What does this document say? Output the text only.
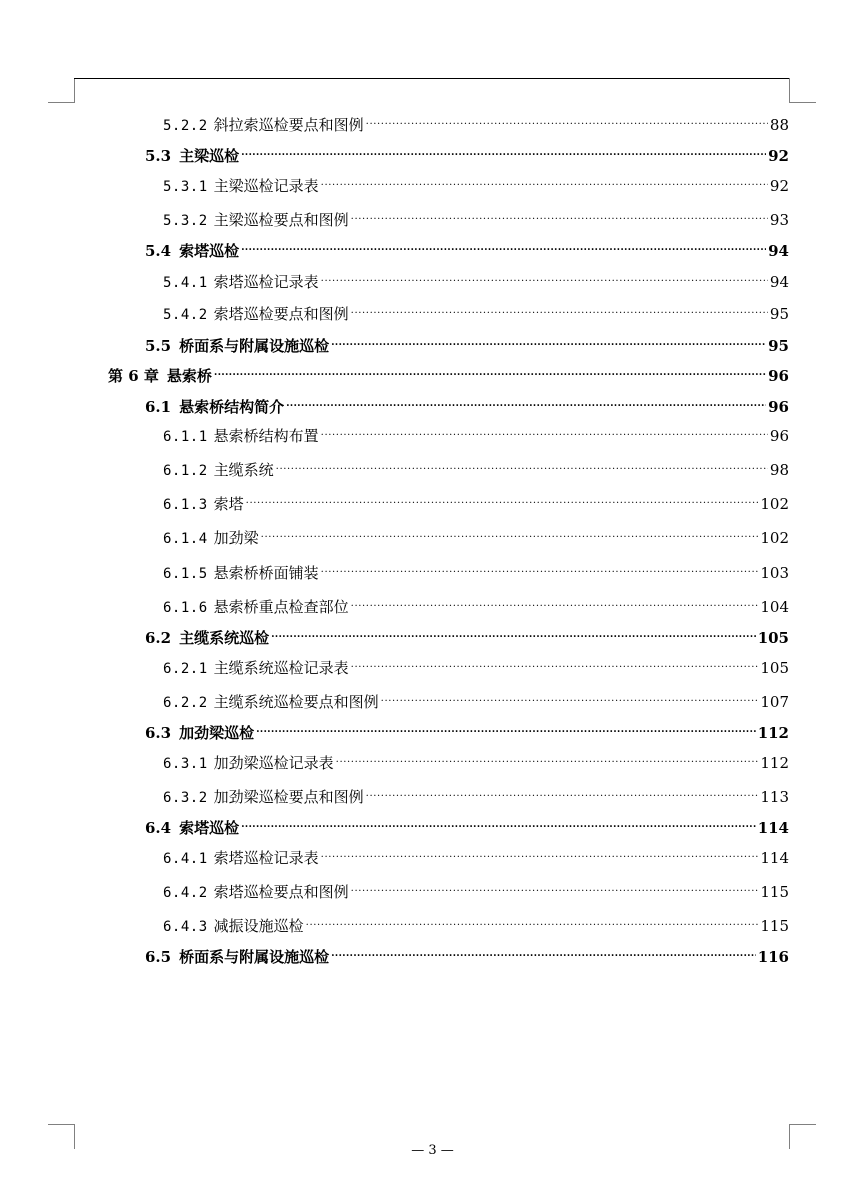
5.2.2 斜拉索巡检要点和图例 .....	88
5.3 主梁巡检 .....	92
5.3.1 主梁巡检记录表 .....	92
5.3.2 主梁巡检要点和图例 .....	93
5.4 索塔巡检 .....	94
5.4.1 索塔巡检记录表 .....	94
5.4.2 索塔巡检要点和图例 .....	95
5.5 桥面系与附属设施巡检 .....	95
第 6 章 悬索桥 .....	96
6.1 悬索桥结构简介 .....	96
6.1.1 悬索桥结构布置 .....	96
6.1.2 主缆系统 .....	98
6.1.3 索塔 .....	102
6.1.4 加劲梁 .....	102
6.1.5 悬索桥桥面铺装 .....	103
6.1.6 悬索桥重点检查部位 .....	104
6.2 主缆系统巡检 .....	105
6.2.1 主缆系统巡检记录表 .....	105
6.2.2 主缆系统巡检要点和图例 .....	107
6.3 加劲梁巡检 .....	112
6.3.1 加劲梁巡检记录表 .....	112
6.3.2 加劲梁巡检要点和图例 .....	113
6.4 索塔巡检 .....	114
6.4.1 索塔巡检记录表 .....	114
6.4.2 索塔巡检要点和图例 .....	115
6.4.3 减振设施巡检 .....	115
6.5 桥面系与附属设施巡检 .....	116
— 3 —
